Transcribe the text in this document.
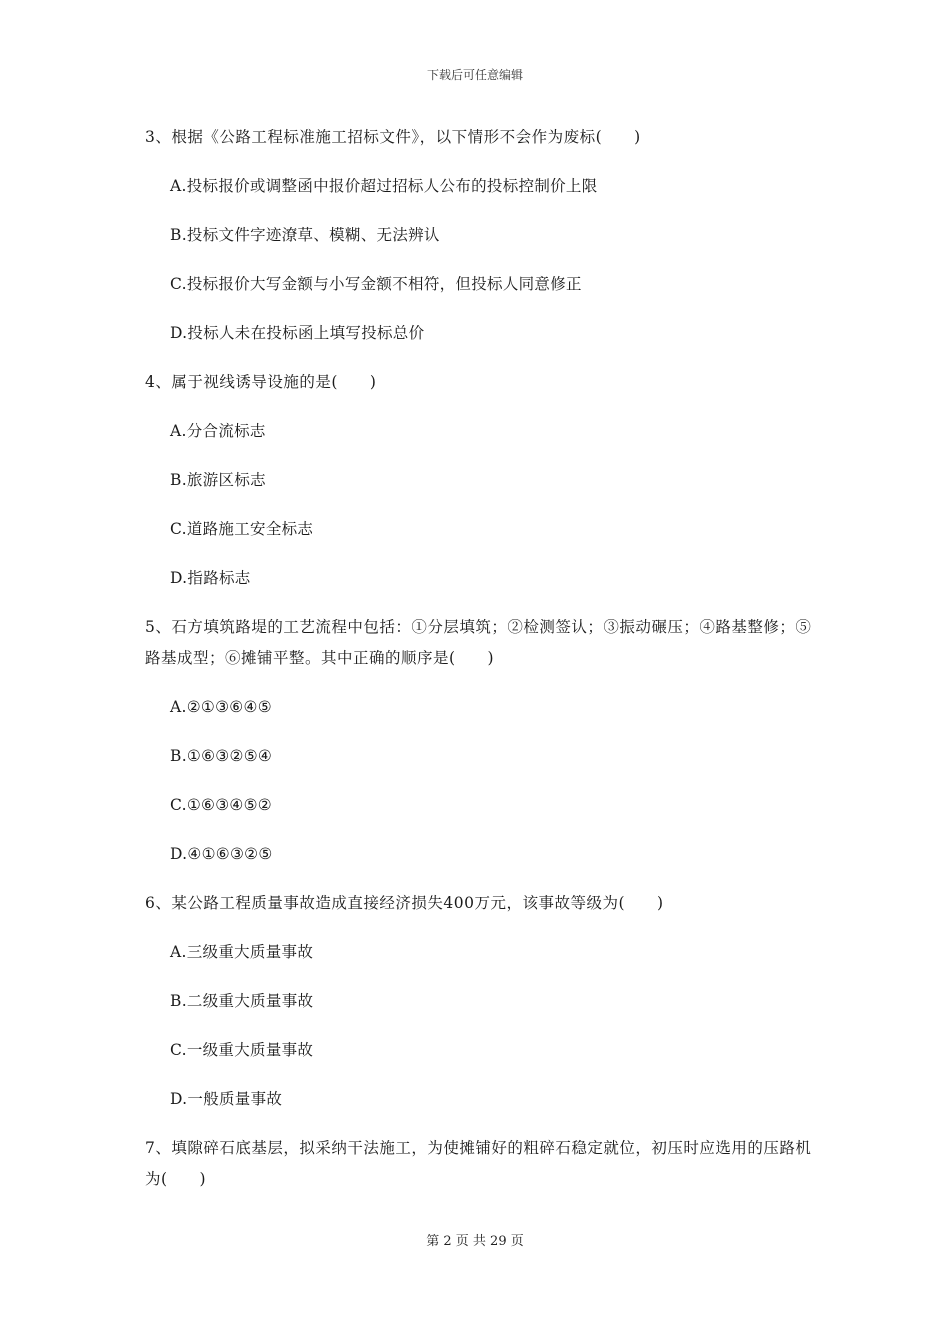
下载后可任意编辑
3、根据《公路工程标准施工招标文件》，以下情形不会作为废标(　　)
A.投标报价或调整函中报价超过招标人公布的投标控制价上限
B.投标文件字迹潦草、模糊、无法辨认
C.投标报价大写金额与小写金额不相符，但投标人同意修正
D.投标人未在投标函上填写投标总价
4、属于视线诱导设施的是(　　)
A.分合流标志
B.旅游区标志
C.道路施工安全标志
D.指路标志
5、石方填筑路堤的工艺流程中包括：①分层填筑；②检测签认；③振动碾压；④路基整修；⑤路基成型；⑥摊铺平整。其中正确的顺序是(　　)
A.②①③⑥④⑤
B.①⑥③②⑤④
C.①⑥③④⑤②
D.④①⑥③②⑤
6、某公路工程质量事故造成直接经济损失400万元，该事故等级为(　　)
A.三级重大质量事故
B.二级重大质量事故
C.一级重大质量事故
D.一般质量事故
7、填隙碎石底基层，拟采纳干法施工，为使摊铺好的粗碎石稳定就位，初压时应选用的压路机为(　　)
第 2 页 共 29 页
